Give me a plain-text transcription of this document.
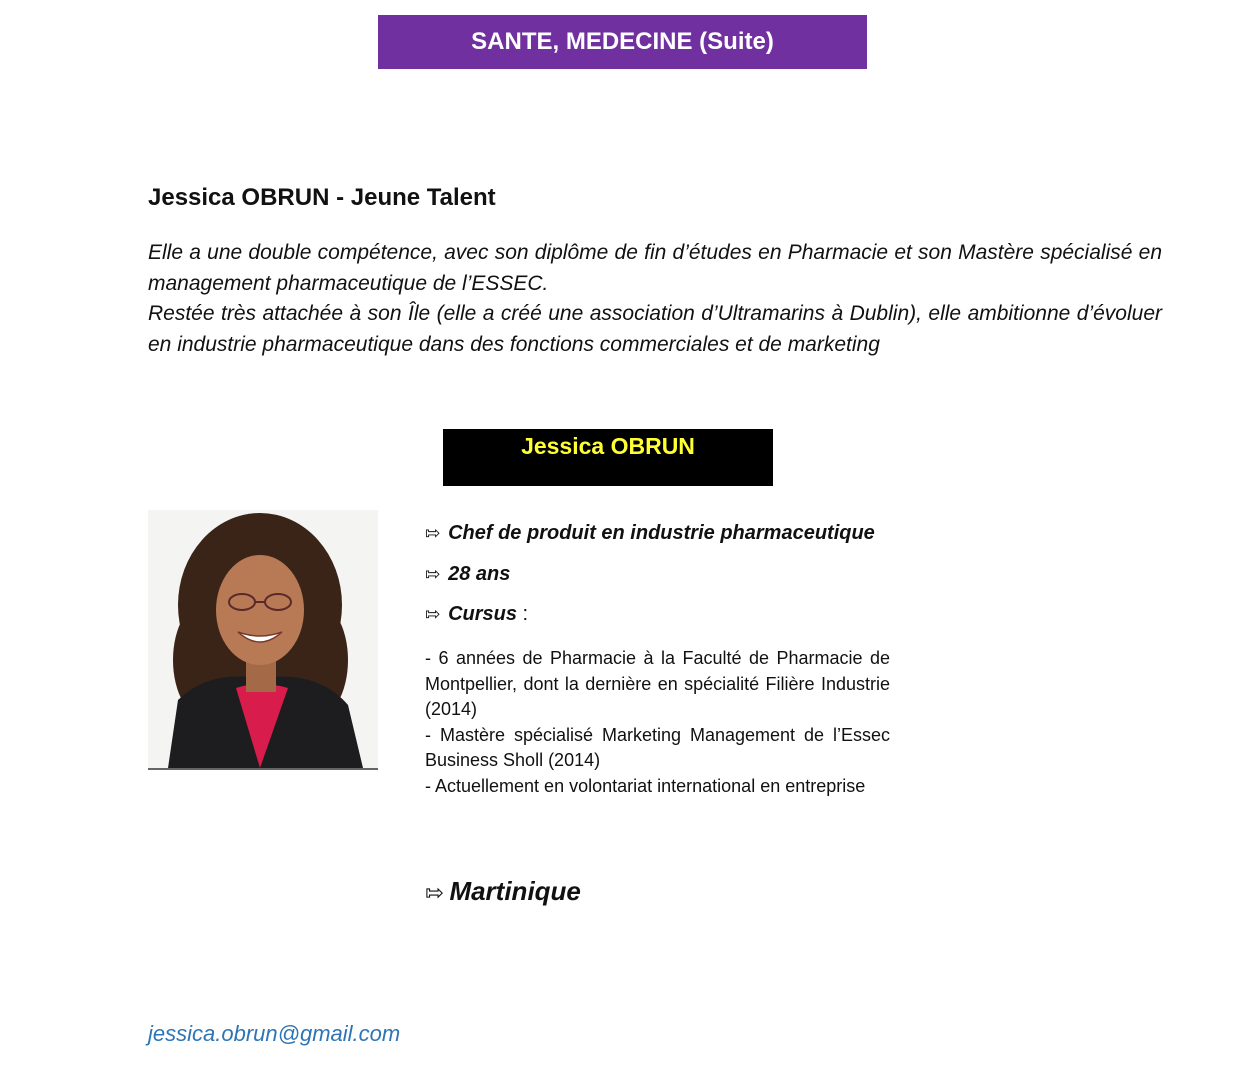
SANTE, MEDECINE (Suite)
Jessica OBRUN - Jeune Talent

Elle a une double compétence, avec son diplôme de fin d’études en Pharmacie et son Mastère spécialisé en management pharmaceutique de l’ESSEC.

Restée très attachée à son Île (elle a créé une association d’Ultramarins à Dublin), elle ambitionne d’évoluer en industrie pharmaceutique dans des fonctions commerciales et de marketing

Jessica OBRUN
⇰ Chef de produit en industrie pharmaceutique
⇰ 28 ans
⇰ Cursus :

- 6 années de Pharmacie à la Faculté de Pharmacie de Montpellier, dont la dernière en spécialité Filière Industrie (2014)

- Mastère spécialisé Marketing Management de l’Essec Business Sholl (2014)

- Actuellement en volontariat international en entreprise

⇰ Martinique
jessica.obrun@gmail.com
